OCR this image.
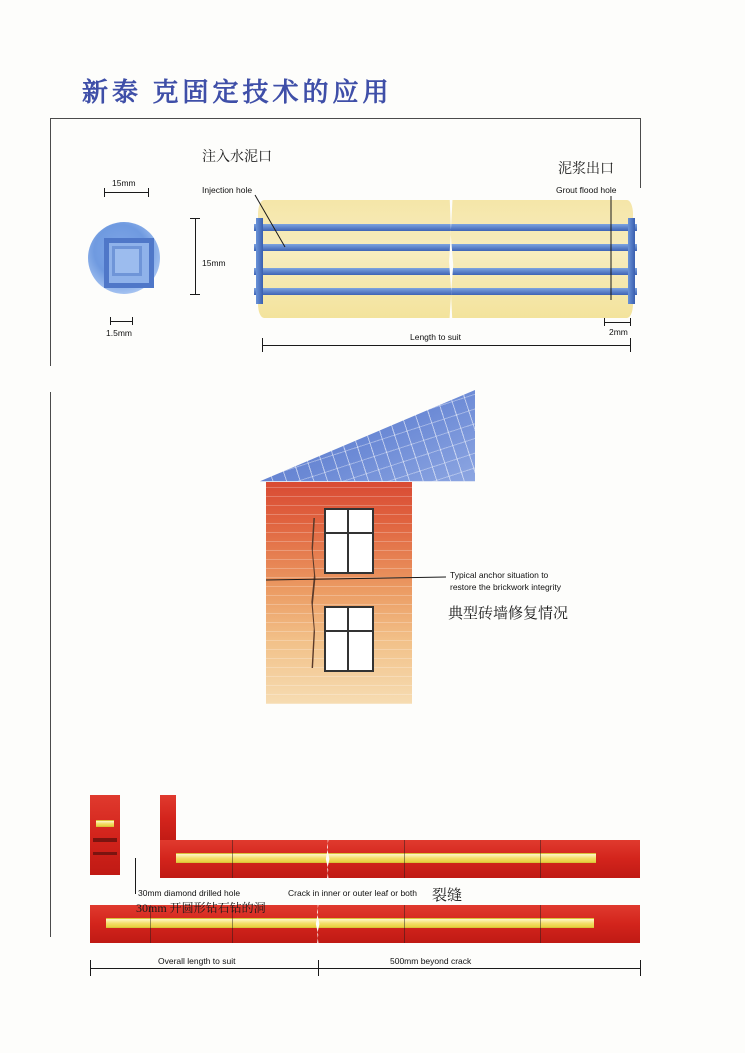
新泰 克固定技术的应用
15mm
15mm
1.5mm
注入水泥口
Injection hole
泥浆出口
Grout flood hole
2mm
Length to suit
Typical anchor situation to
restore the brickwork integrity
典型砖墙修复情况
30mm diamond drilled hole
30mm 开圆形钻石钻的洞
Crack in inner or outer leaf or both 裂缝
Overall length to suit	500mm beyond crack
